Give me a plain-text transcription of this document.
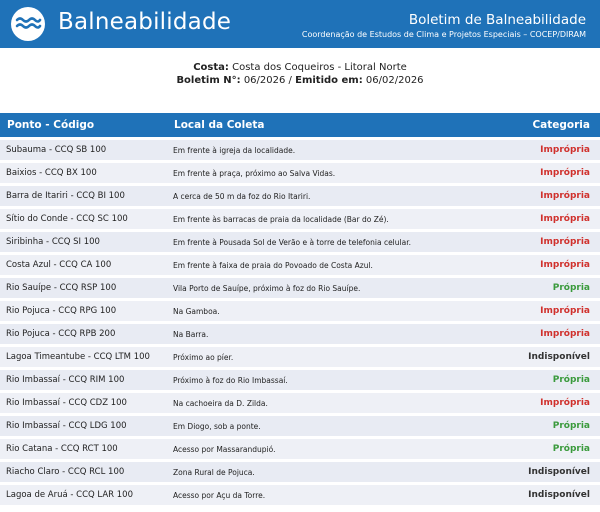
Balneabilidade	Boletim de Balneabilidade
Coordenação de Estudos de Clima e Projetos Especiais – COCEP/DIRAM
Costa: Costa dos Coqueiros - Litoral Norte
Boletim N°: 06/2026 / Emitido em: 06/02/2026
Ponto - Código	Local da Coleta	Categoria
Subauma - CCQ SB 100	Em frente à igreja da localidade.	Imprópria
Baixios - CCQ BX 100	Em frente à praça, próximo ao Salva Vidas.	Imprópria
Barra de Itariri - CCQ BI 100	A cerca de 50 m da foz do Rio Itariri.	Imprópria
Sítio do Conde - CCQ SC 100	Em frente às barracas de praia da localidade (Bar do Zé).	Imprópria
Siribinha - CCQ SI 100	Em frente à Pousada Sol de Verão e à torre de telefonia celular.	Imprópria
Costa Azul - CCQ CA 100	Em frente à faixa de praia do Povoado de Costa Azul.	Imprópria
Rio Sauípe - CCQ RSP 100	Vila Porto de Sauípe, próximo à foz do Rio Sauípe.	Própria
Rio Pojuca - CCQ RPG 100	Na Gamboa.	Imprópria
Rio Pojuca - CCQ RPB 200	Na Barra.	Imprópria
Lagoa Timeantube - CCQ LTM 100	Próximo ao píer.	Indisponível
Rio Imbassaí - CCQ RIM 100	Próximo à foz do Rio Imbassaí.	Própria
Rio Imbassaí - CCQ CDZ 100	Na cachoeira da D. Zilda.	Imprópria
Rio Imbassaí - CCQ LDG 100	Em Diogo, sob a ponte.	Própria
Rio Catana - CCQ RCT 100	Acesso por Massarandupió.	Própria
Riacho Claro - CCQ RCL 100	Zona Rural de Pojuca.	Indisponível
Lagoa de Aruá - CCQ LAR 100	Acesso por Açu da Torre.	Indisponível
